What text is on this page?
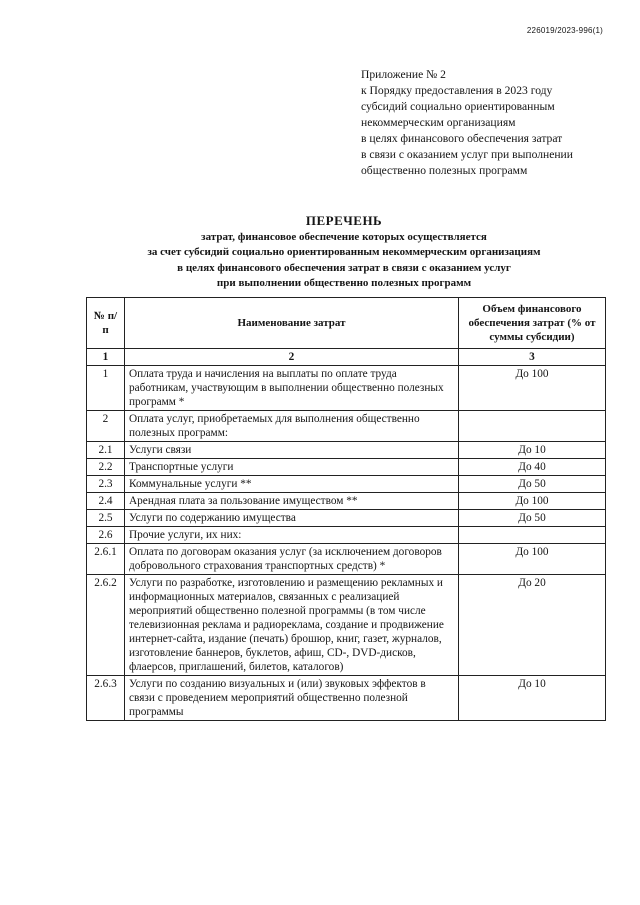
226019/2023-996(1)
Приложение № 2
к Порядку предоставления в 2023 году
субсидий социально ориентированным
некоммерческим организациям
в целях финансового обеспечения затрат
в связи с оказанием услуг при выполнении
общественно полезных программ
ПЕРЕЧЕНЬ
затрат, финансовое обеспечение которых осуществляется
за счет субсидий социально ориентированным некоммерческим организациям
в целях финансового обеспечения затрат в связи с оказанием услуг
при выполнении общественно полезных программ
№ п/п	Наименование затрат	Объем финансового обеспечения затрат (% от суммы субсидии)
1	2	3
1	Оплата труда и начисления на выплаты по оплате труда работникам, участвующим в выполнении общественно полезных программ *	До 100
2	Оплата услуг, приобретаемых для выполнения общественно полезных программ:	
2.1	Услуги связи	До 10
2.2	Транспортные услуги	До 40
2.3	Коммунальные услуги **	До 50
2.4	Арендная плата за пользование имуществом **	До 100
2.5	Услуги по содержанию имущества	До 50
2.6	Прочие услуги, их них:	
2.6.1	Оплата по договорам оказания услуг (за исключением договоров добровольного страхования транспортных средств) *	До 100
2.6.2	Услуги по разработке, изготовлению и размещению рекламных и информационных материалов, связанных с реализацией мероприятий общественно полезной программы (в том числе телевизионная реклама и радиореклама, создание и продвижение интернет-сайта, издание (печать) брошюр, книг, газет, журналов, изготовление баннеров, буклетов, афиш, CD-, DVD-дисков, флаерсов, приглашений, билетов, каталогов)	До 20
2.6.3	Услуги по созданию визуальных и (или) звуковых эффектов в связи с проведением мероприятий общественно полезной программы	До 10
